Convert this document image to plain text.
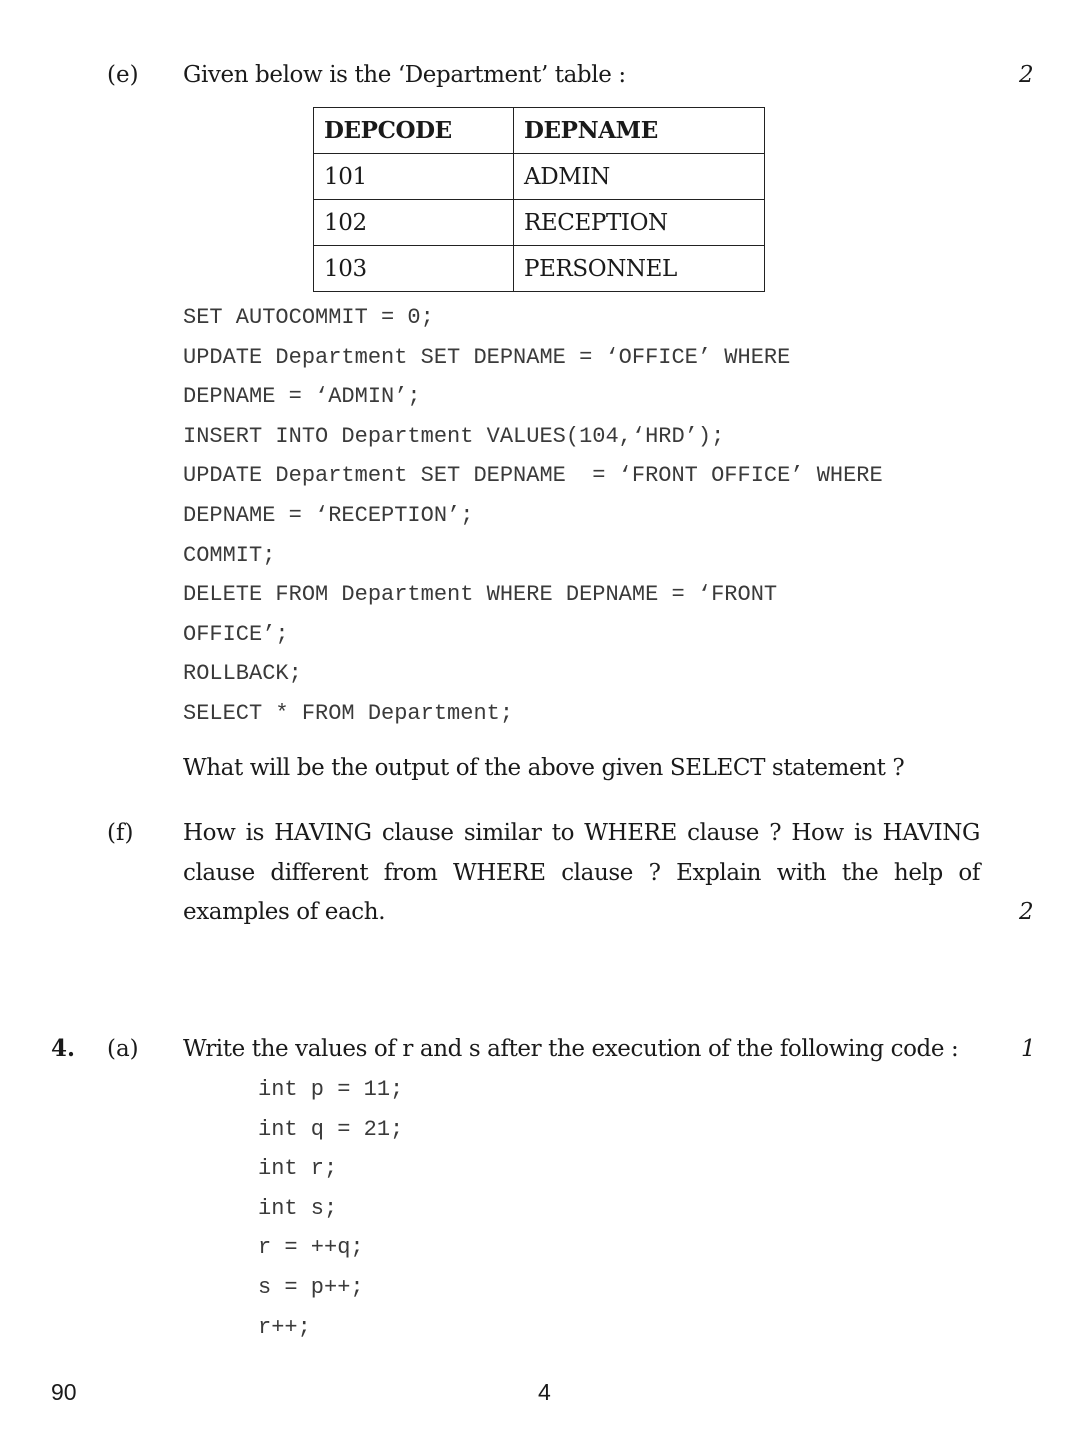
(e) Given below is the ‘Department’ table :	2
DEPCODE	DEPNAME
101	ADMIN
102	RECEPTION
103	PERSONNEL
SET AUTOCOMMIT = 0;
UPDATE Department SET DEPNAME = ‘OFFICE’ WHERE
DEPNAME = ‘ADMIN’;
INSERT INTO Department VALUES(104,‘HRD’);
UPDATE Department SET DEPNAME  = ‘FRONT OFFICE’ WHERE
DEPNAME = ‘RECEPTION’;
COMMIT;
DELETE FROM Department WHERE DEPNAME = ‘FRONT
OFFICE’;
ROLLBACK;
SELECT * FROM Department;
What will be the output of the above given SELECT statement ?
(f) How is HAVING clause similar to WHERE clause ? How is HAVING clause different from WHERE clause ? Explain with the help of examples of each.	2
4. (a) Write the values of r and s after the execution of the following code :	1
int p = 11;
int q = 21;
int r;
int s;
r = ++q;
s = p++;
r++;
90	4
